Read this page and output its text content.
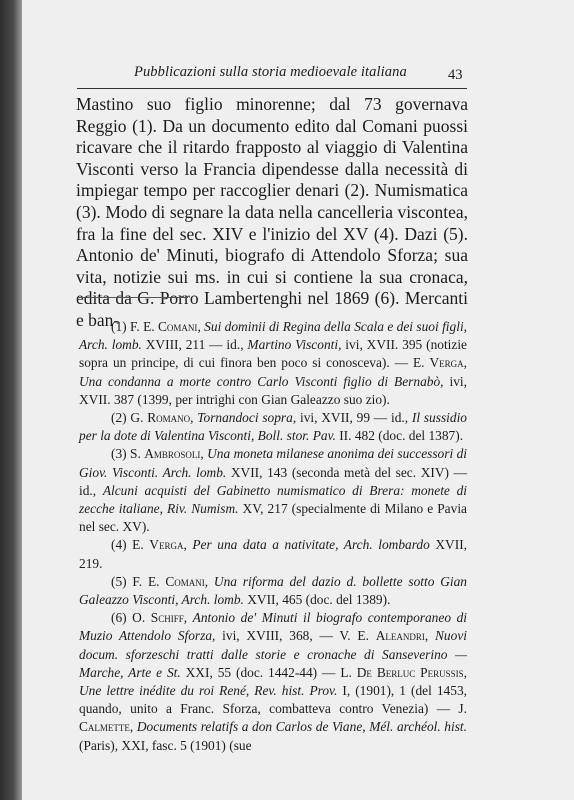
Pubblicazioni sulla storia medioevale italiana	43

Mastino suo figlio minorenne; dal 73 governava Reggio (1). Da un documento edito dal Comani puossi ricavare che il ritardo frapposto al viaggio di Valentina Visconti verso la Francia dipendesse dalla necessità di impiegar tempo per raccoglier denari (2). Numismatica (3). Modo di segnare la data nella cancelleria viscontea, fra la fine del sec. XIV e l'inizio del XV (4). Dazi (5). Antonio de' Minuti, biografo di Attendolo Sforza; sua vita, notizie sui ms. in cui si contiene la sua cronaca, edita da G. Porro Lambertenghi nel 1869 (6). Mercanti e ban-

(1) F. E. Comani, Sui dominii di Regina della Scala e dei suoi figli, Arch. lomb. XVIII, 211 — id., Martino Visconti, ivi, XVII. 395 (notizie sopra un principe, di cui finora ben poco si conosceva). — E. Verga, Una condanna a morte contro Carlo Visconti figlio di Bernabò, ivi, XVII. 387 (1399, per intrighi con Gian Galeazzo suo zio).

(2) G. Romano, Tornandoci sopra, ivi, XVII, 99 — id., Il sussidio per la dote di Valentina Visconti, Boll. stor. Pav. II. 482 (doc. del 1387).

(3) S. Ambrosoli, Una moneta milanese anonima dei successori di Giov. Visconti. Arch. lomb. XVII, 143 (seconda metà del sec. XIV) — id., Alcuni acquisti del Gabinetto numismatico di Brera: monete di zecche italiane, Riv. Numism. XV, 217 (specialmente di Milano e Pavia nel sec. XV).

(4) E. Verga, Per una data a nativitate, Arch. lombardo XVII, 219.

(5) F. E. Comani, Una riforma del dazio d. bollette sotto Gian Galeazzo Visconti, Arch. lomb. XVII, 465 (doc. del 1389).

(6) O. Schiff, Antonio de' Minuti il biografo contemporaneo di Muzio Attendolo Sforza, ivi, XVIII, 368, — V. E. Aleandri, Nuovi docum. sforzeschi tratti dalle storie e cronache di Sanseverino — Marche, Arte e St. XXI, 55 (doc. 1442-44) — L. De Berluc Perussis, Une lettre inédite du roi René, Rev. hist. Prov. I, (1901), 1 (del 1453, quando, unito a Franc. Sforza, combatteva contro Venezia) — J. Calmette, Documents relatifs a don Carlos de Viane, Mél. archéol. hist. (Paris), XXI, fasc. 5 (1901) (sue
